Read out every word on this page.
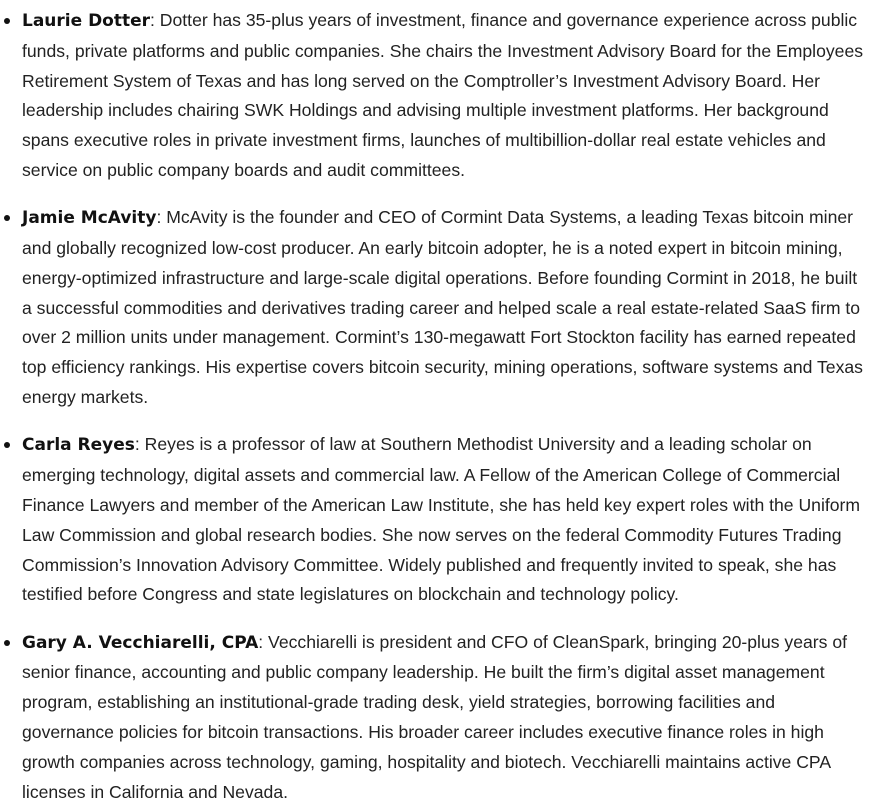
Laurie Dotter: Dotter has 35-plus years of investment, finance and governance experience across public funds, private platforms and public companies. She chairs the Investment Advisory Board for the Employees Retirement System of Texas and has long served on the Comptroller’s Investment Advisory Board. Her leadership includes chairing SWK Holdings and advising multiple investment platforms. Her background spans executive roles in private investment firms, launches of multibillion-dollar real estate vehicles and service on public company boards and audit committees.
Jamie McAvity: McAvity is the founder and CEO of Cormint Data Systems, a leading Texas bitcoin miner and globally recognized low-cost producer. An early bitcoin adopter, he is a noted expert in bitcoin mining, energy-optimized infrastructure and large-scale digital operations. Before founding Cormint in 2018, he built a successful commodities and derivatives trading career and helped scale a real estate-related SaaS firm to over 2 million units under management. Cormint’s 130-megawatt Fort Stockton facility has earned repeated top efficiency rankings. His expertise covers bitcoin security, mining operations, software systems and Texas energy markets.
Carla Reyes: Reyes is a professor of law at Southern Methodist University and a leading scholar on emerging technology, digital assets and commercial law. A Fellow of the American College of Commercial Finance Lawyers and member of the American Law Institute, she has held key expert roles with the Uniform Law Commission and global research bodies. She now serves on the federal Commodity Futures Trading Commission’s Innovation Advisory Committee. Widely published and frequently invited to speak, she has testified before Congress and state legislatures on blockchain and technology policy.
Gary A. Vecchiarelli, CPA: Vecchiarelli is president and CFO of CleanSpark, bringing 20-plus years of senior finance, accounting and public company leadership. He built the firm’s digital asset management program, establishing an institutional-grade trading desk, yield strategies, borrowing facilities and governance policies for bitcoin transactions. His broader career includes executive finance roles in high growth companies across technology, gaming, hospitality and biotech. Vecchiarelli maintains active CPA licenses in California and Nevada.
